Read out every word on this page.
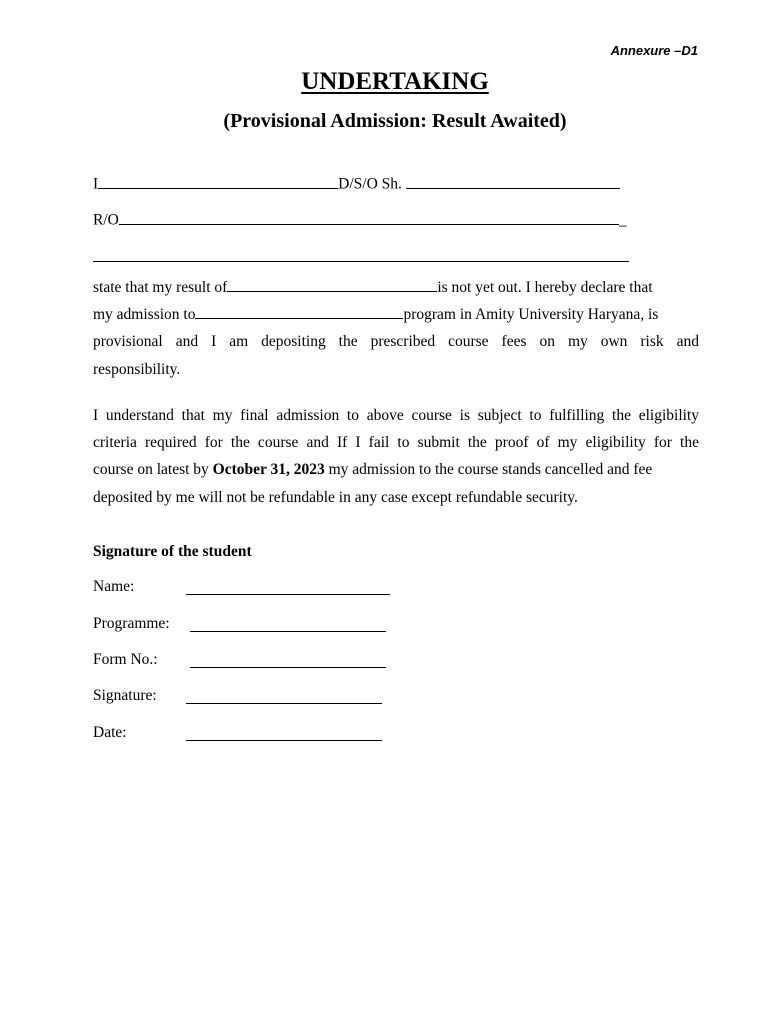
Annexure –D1
UNDERTAKING
(Provisional Admission: Result Awaited)
I	D/S/O Sh.
R/O	_
state that my result of	is not yet out. I hereby declare that
my admission to	program in Amity University Haryana, is
provisional and I am depositing the prescribed course fees on my own risk and
responsibility.
I understand that my final admission to above course is subject to fulfilling the eligibility
criteria required for the course and If I fail to submit the proof of my eligibility for the
course on latest by October 31, 2023 my admission to the course stands cancelled and fee
deposited by me will not be refundable in any case except refundable security.
Signature of the student
Name:
Programme:
Form No.:
Signature:
Date:
